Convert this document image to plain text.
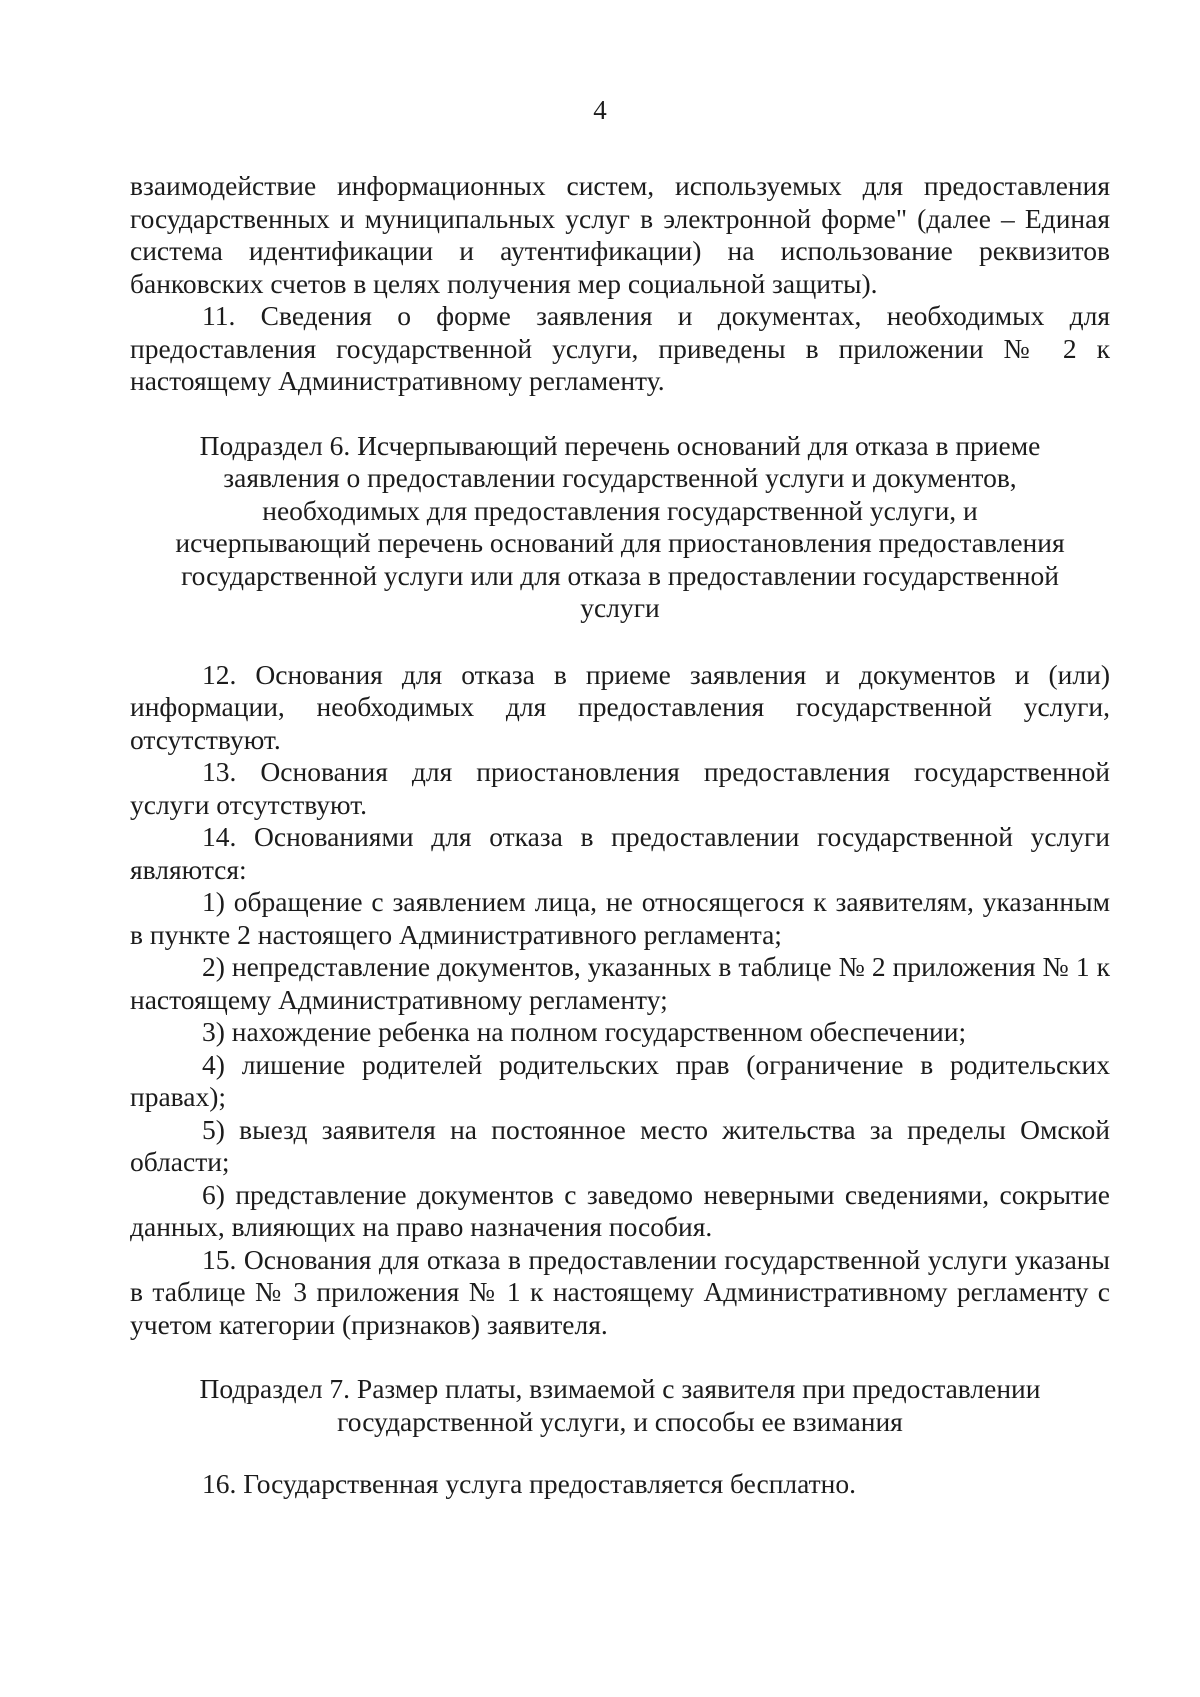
4

взаимодействие информационных систем, используемых для предоставления государственных и муниципальных услуг в электронной форме" (далее – Единая система идентификации и аутентификации) на использование реквизитов банковских счетов в целях получения мер социальной защиты).

11. Сведения о форме заявления и документах, необходимых для предоставления государственной услуги, приведены в приложении № 2 к настоящему Административному регламенту.

Подраздел 6. Исчерпывающий перечень оснований для отказа в приеме заявления о предоставлении государственной услуги и документов, необходимых для предоставления государственной услуги, и исчерпывающий перечень оснований для приостановления предоставления государственной услуги или для отказа в предоставлении государственной услуги

12. Основания для отказа в приеме заявления и документов и (или) информации, необходимых для предоставления государственной услуги, отсутствуют.

13. Основания для приостановления предоставления государственной услуги отсутствуют.

14. Основаниями для отказа в предоставлении государственной услуги являются:

1) обращение с заявлением лица, не относящегося к заявителям, указанным в пункте 2 настоящего Административного регламента;

2) непредставление документов, указанных в таблице № 2 приложения № 1 к настоящему Административному регламенту;

3) нахождение ребенка на полном государственном обеспечении;

4) лишение родителей родительских прав (ограничение в родительских правах);

5) выезд заявителя на постоянное место жительства за пределы Омской области;

6) представление документов с заведомо неверными сведениями, сокрытие данных, влияющих на право назначения пособия.

15. Основания для отказа в предоставлении государственной услуги указаны в таблице № 3 приложения № 1 к настоящему Административному регламенту с учетом категории (признаков) заявителя.

Подраздел 7. Размер платы, взимаемой с заявителя при предоставлении государственной услуги, и способы ее взимания

16. Государственная услуга предоставляется бесплатно.
